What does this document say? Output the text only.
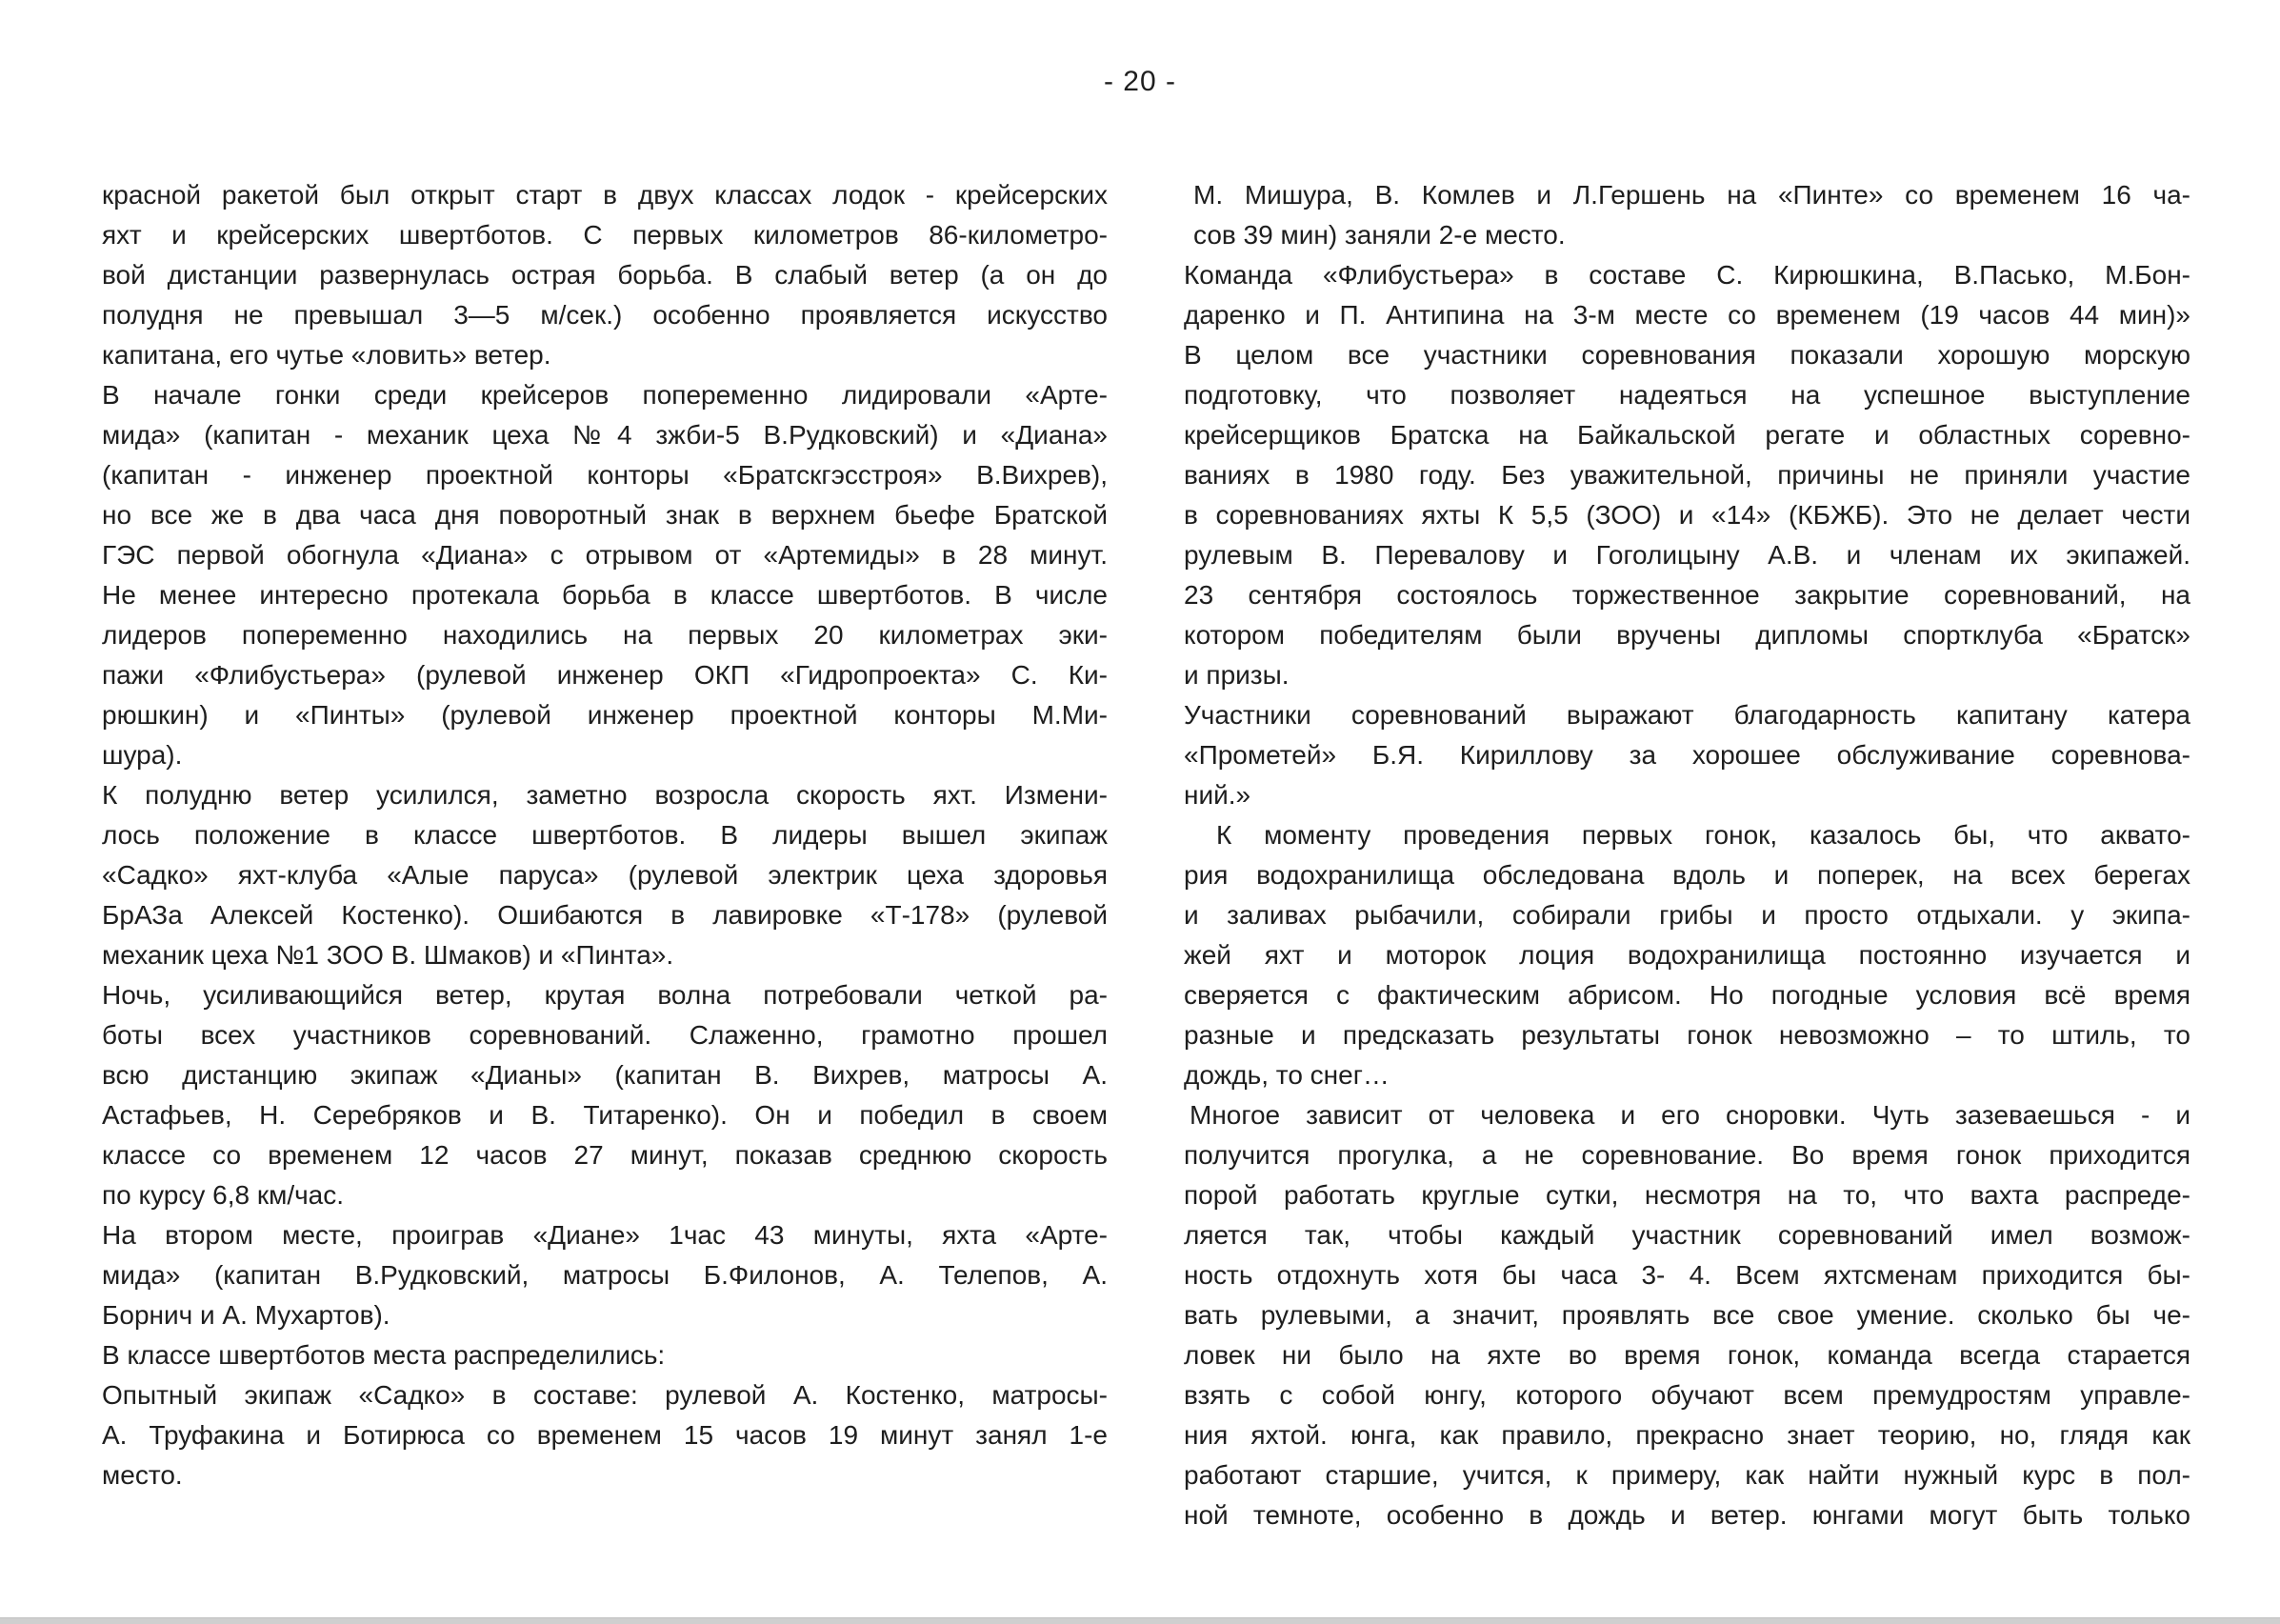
- 20 -
красной ракетой был открыт старт в двух классах лодок - крейсерских
яхт и крейсерских швертботов. С первых километров 86-километро-
вой дистанции развернулась острая борьба. В слабый ветер (а он до
полудня не превышал 3—5 м/сек.) особенно проявляется искусство
капитана, его чутье «ловить» ветер.
В начале гонки среди крейсеров попеременно лидировали «Арте-
мида» (капитан - механик цеха №4 зжби-5 В.Рудковский) и «Диана»
(капитан - инженер проектной конторы «Братскгэсстроя» В.Вихрев),
но все же в два часа дня поворотный знак в верхнем бьефе Братской
ГЭС первой обогнула «Диана» с отрывом от «Артемиды» в 28 минут.
Не менее интересно протекала борьба в классе швертботов. В числе
лидеров попеременно находились на первых 20 километрах эки-
пажи «Флибустьера» (рулевой инженер ОКП «Гидропроекта» С. Ки-
рюшкин) и «Пинты» (рулевой инженер проектной конторы М.Ми-
шура).
К полудню ветер усилился, заметно возросла скорость яхт. Измени-
лось положение в классе швертботов. В лидеры вышел экипаж
«Садко» яхт-клуба «Алые паруса» (рулевой электрик цеха здоровья
БрАЗа Алексей Костенко). Ошибаются в лавировке «Т-178» (рулевой
механик цеха №1 ЗОО В. Шмаков) и «Пинта».
Ночь, усиливающийся ветер, крутая волна потребовали четкой ра-
боты всех участников соревнований. Слаженно, грамотно прошел
всю дистанцию экипаж «Дианы» (капитан В. Вихрев, матросы А.
Астафьев, Н. Серебряков и В. Титаренко). Он и победил в своем
классе со временем 12 часов 27 минут, показав среднюю скорость
по курсу 6,8 км/час.
На втором месте, проиграв «Диане» 1час 43 минуты, яхта «Арте-
мида» (капитан В.Рудковский, матросы Б.Филонов, А. Телепов, А.
Борнич и А. Мухартов).
В классе швертботов места распределились:
Опытный экипаж «Садко» в составе: рулевой А. Костенко, матросы-
А. Труфакина и Ботирюса со временем 15 часов 19 минут занял 1-е
место.
М. Мишура, В. Комлев и Л.Гершень на «Пинте» со временем 16 ча-
сов 39 мин) заняли 2-е место.
Команда «Флибустьера» в составе С. Кирюшкина, В.Пасько, М.Бон-
даренко и П. Антипина на 3-м месте со временем (19 часов 44 мин)»
В целом все участники соревнования показали хорошую морскую
подготовку, что позволяет надеяться на успешное выступление
крейсерщиков Братска на Байкальской регате и областных соревно-
ваниях в 1980 году. Без уважительной, причины не приняли участие
в соревнованиях яхты К 5,5 (ЗОО) и «14» (КБЖБ). Это не делает чести
рулевым В. Перевалову и Гоголицыну А.В. и членам их экипажей.
23 сентября состоялось торжественное закрытие соревнований, на
котором победителям были вручены дипломы спортклуба «Братск»
и призы.
Участники соревнований выражают благодарность капитану катера
«Прометей» Б.Я. Кириллову за хорошее обслуживание соревнова-
ний.»
К моменту проведения первых гонок, казалось бы, что аквато-
рия водохранилища обследована вдоль и поперек, на всех берегах
и заливах рыбачили, собирали грибы и просто отдыхали. у экипа-
жей яхт и моторок лоция водохранилища постоянно изучается и
сверяется с фактическим абрисом. Но погодные условия всё время
разные и предсказать результаты гонок невозможно – то штиль, то
дождь, то снег…
Многое зависит от человека и его сноровки. Чуть зазеваешься - и
получится прогулка, а не соревнование. Во время гонок приходится
порой работать круглые сутки, несмотря на то, что вахта распреде-
ляется так, чтобы каждый участник соревнований имел возмож-
ность отдохнуть хотя бы часа 3- 4. Всем яхтсменам приходится бы-
вать рулевыми, а значит, проявлять все свое умение. сколько бы че-
ловек ни было на яхте во время гонок, команда всегда старается
взять с собой юнгу, которого обучают всем премудростям управле-
ния яхтой. юнга, как правило, прекрасно знает теорию, но, глядя как
работают старшие, учится, к примеру, как найти нужный курс в пол-
ной темноте, особенно в дождь и ветер. юнгами могут быть только
